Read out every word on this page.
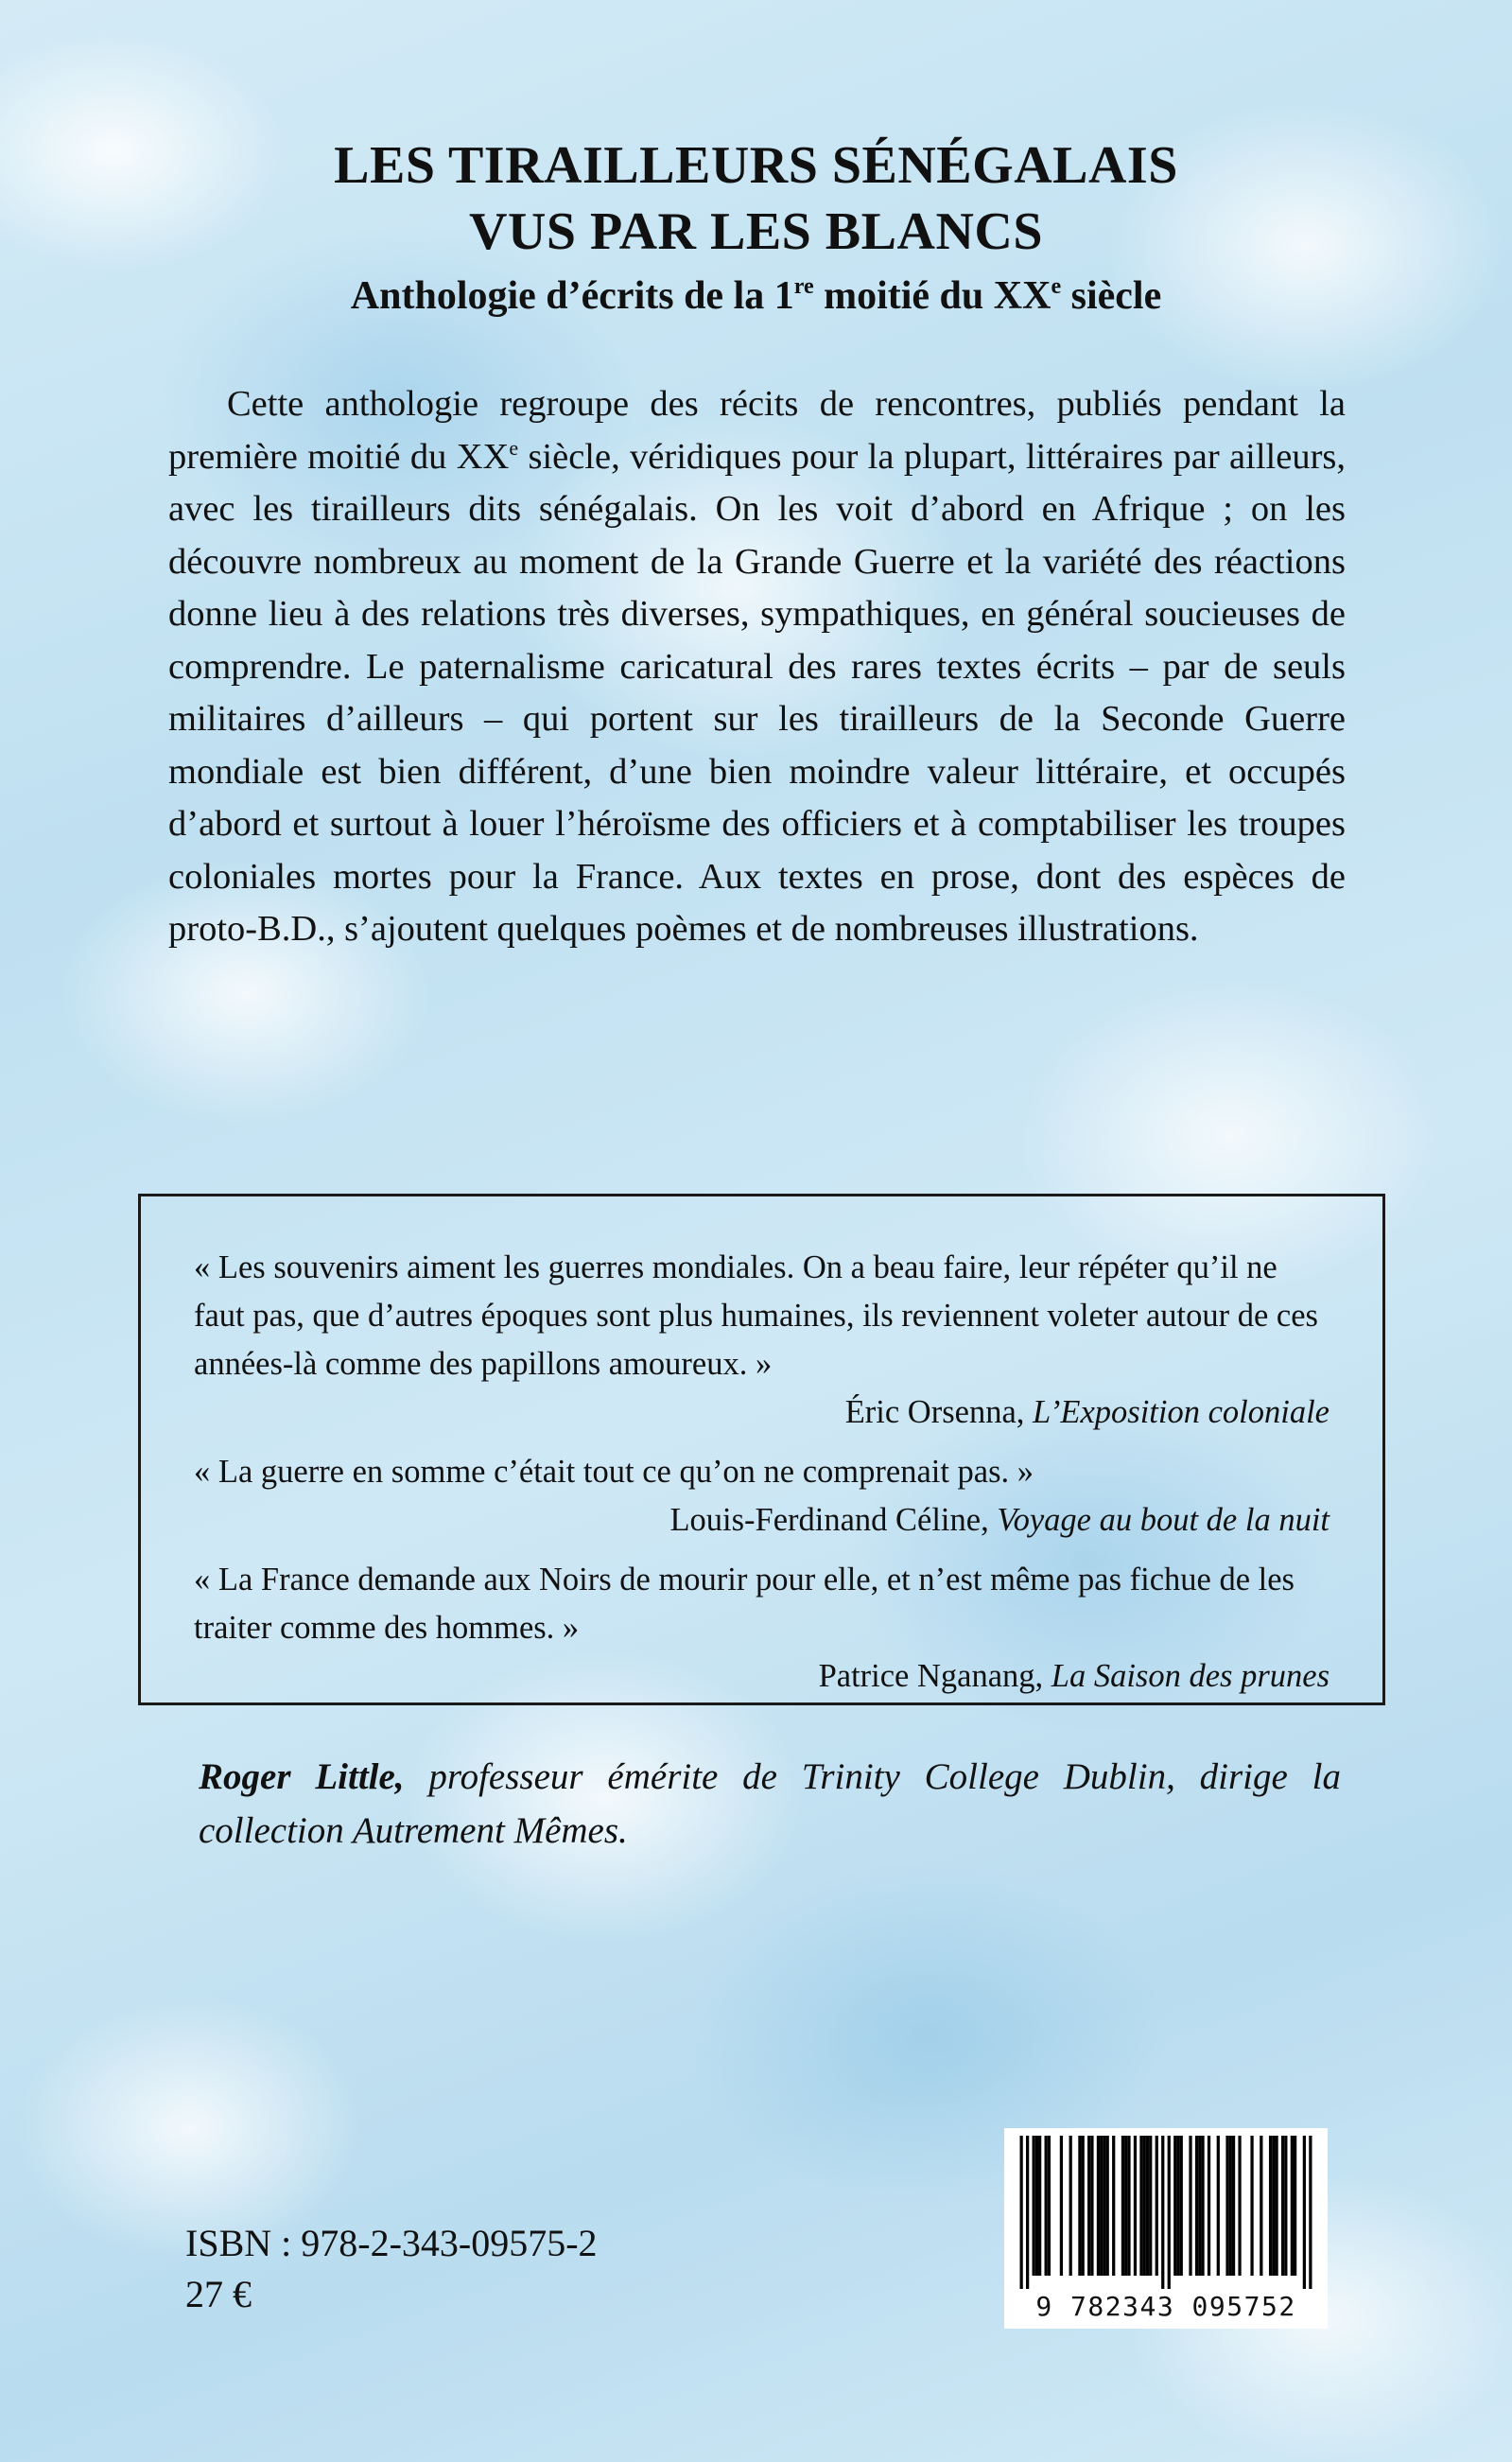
LES TIRAILLEURS SÉNÉGALAIS
VUS PAR LES BLANCS
Anthologie d’écrits de la 1re moitié du XXe siècle
Cette anthologie regroupe des récits de rencontres, publiés pendant la première moitié du XXe siècle, véridiques pour la plupart, littéraires par ailleurs, avec les tirailleurs dits sénégalais. On les voit d’abord en Afrique ; on les découvre nombreux au moment de la Grande Guerre et la variété des réactions donne lieu à des relations très diverses, sympathiques, en général soucieuses de comprendre. Le paternalisme caricatural des rares textes écrits – par de seuls militaires d’ailleurs – qui portent sur les tirailleurs de la Seconde Guerre mondiale est bien différent, d’une bien moindre valeur littéraire, et occupés d’abord et surtout à louer l’héroïsme des officiers et à comptabiliser les troupes coloniales mortes pour la France. Aux textes en prose, dont des espèces de proto-B.D., s’ajoutent quelques poèmes et de nombreuses illustrations.
« Les souvenirs aiment les guerres mondiales. On a beau faire, leur répéter qu’il ne faut pas, que d’autres époques sont plus humaines, ils reviennent voleter autour de ces années-là comme des papillons amoureux. »
Éric Orsenna, L’Exposition coloniale
« La guerre en somme c’était tout ce qu’on ne comprenait pas. »
Louis-Ferdinand Céline, Voyage au bout de la nuit
« La France demande aux Noirs de mourir pour elle, et n’est même pas fichue de les traiter comme des hommes. »
Patrice Nganang, La Saison des prunes
Roger Little, professeur émérite de Trinity College Dublin, dirige la collection Autrement Mêmes.
ISBN : 978-2-343-09575-2
27 €	9 782343 095752
